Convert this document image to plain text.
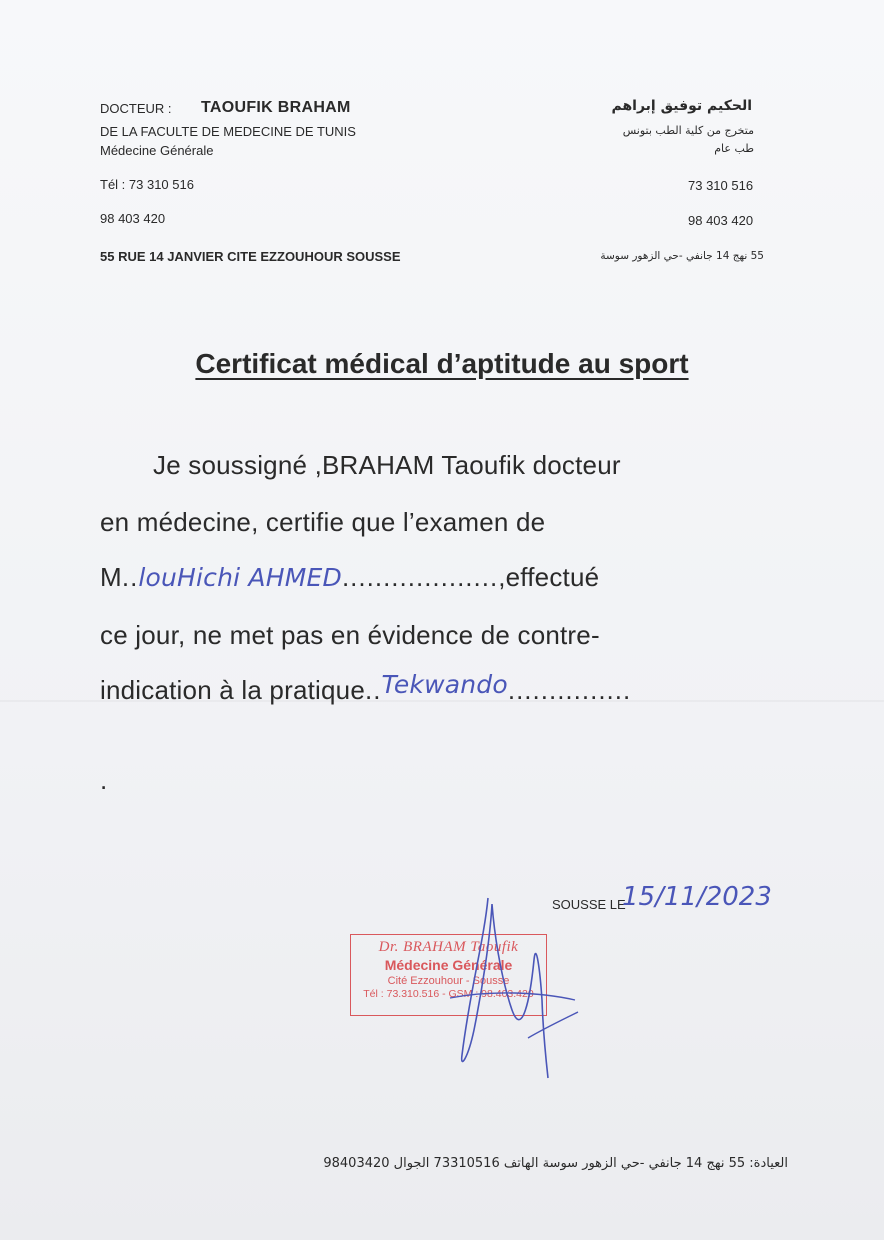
DOCTEUR : TAOUFIK BRAHAM
DE LA FACULTE DE MEDECINE DE TUNIS
Médecine Générale
Tél : 73 310 516
98 403 420
55 RUE 14 JANVIER CITE EZZOUHOUR SOUSSE
الحكيم توفيق إبراهم
متخرج من كلية الطب بتونس
طب عام
73 310 516
98 403 420
55 نهج 14 جانفي -حي الزهور سوسة
Certificat médical d’aptitude au sport
Je soussigné ,BRAHAM Taoufik docteur
en médecine, certifie que l’examen de
M..louHichi AHMED...................,effectué
ce jour, ne met pas en évidence de contre-
indication à la pratique..Tekwando...............
.
SOUSSE LE
15/11/2023
Dr. BRAHAM Taoufik
Médecine Générale
Cité Ezzouhour - Sousse
Tél : 73.310.516 - GSM : 98.403.420
العيادة: 55 نهج 14 جانفي -حي الزهور سوسة الهاتف 73310516 الجوال 98403420
